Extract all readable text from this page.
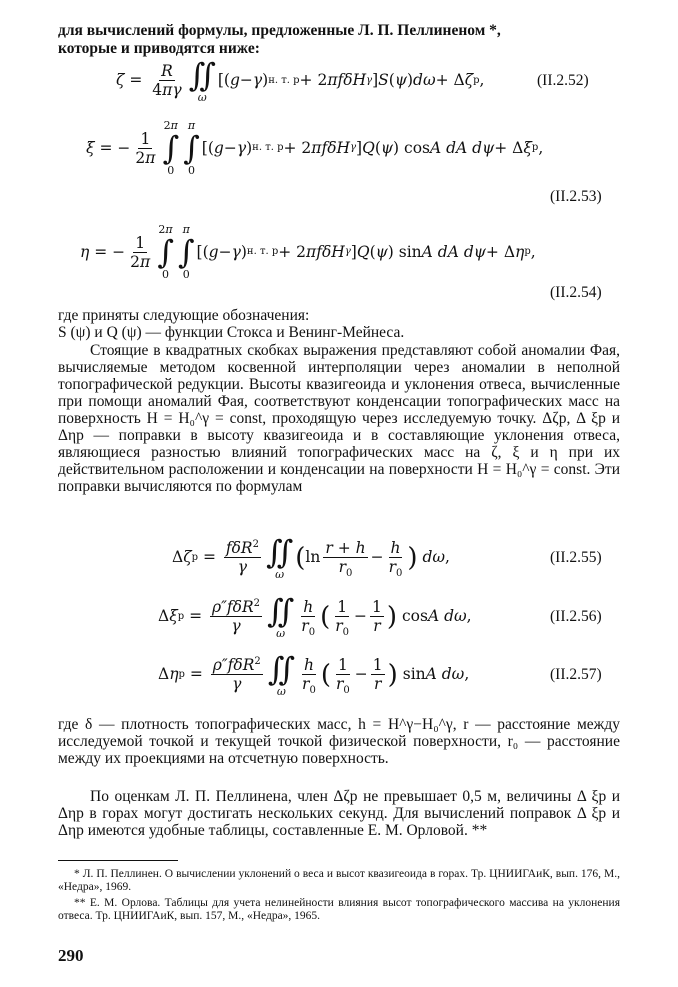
для вычислений формулы, предложенные Л. П. Пеллиненом *,

которые и приводятся ниже:

$\zeta = \frac{R}{4\pi\gamma}$ ∬
ω
[( g − γ ) н. т. р + 2 πfδH γ ] S ( ψ ) dω + Δ ζ р ,	(II.2.52)
ξ = − $\frac{1}{2\pi}$
2π
∫
0
π
∫
0
[( g − γ ) н. т. р + 2 πfδH γ ] Q ( ψ ) cos A dA dψ + Δ ξ р ,
(II.2.53)
η = − $\frac{1}{2\pi}$
2π
∫
0
π
∫
0
[( g − γ ) н. т. р + 2 πfδH γ ] Q ( ψ ) sin A dA dψ + Δ η р ,
(II.2.54)

где приняты следующие обозначения:

S (ψ) и Q (ψ) — функции Стокса и Венинг-Мейнеса.

Стоящие в квадратных скобках выражения представляют собой аномалии Фая, вычисляемые методом косвенной интерполяции через аномалии в неполной топографической редукции. Высоты квазигеоида и уклонения отвеса, вычисленные при помощи аномалий Фая, соответствуют конденсации топографических масс на поверхность H = H₀^γ = const, проходящую через исследуемую точку. Δζp, Δ ξp и Δηp — поправки в высоту квазигеоида и в составляющие уклонения отвеса, являющиеся разностью влияний топографических масс на ζ, ξ и η при их действительном расположении и конденсации на поверхности H = H₀^γ = const. Эти поправки вычисляются по формулам

Δ ζ $р = \frac{f\delta R^2}{\gamma}$ ∬
ω
( $\ln \frac{r + h}{r_0} - \frac{h}{r_0}$ )
dω ,	(II.2.55)
Δ ξ $р = \frac{\rho''f\delta R^2}{\gamma}$ ∬
ω $\frac{h}{r_0}$ ( $\frac{1}{r_0} - \frac{1}{r}$ ) cos A dω ,	(II.2.56)
Δ η $р = \frac{\rho''f\delta R^2}{\gamma}$ ∬
ω $\frac{h}{r_0}$ ( $\frac{1}{r_0} - \frac{1}{r}$ ) sin A dω ,	(II.2.57)

где δ — плотность топографических масс, h = H^γ−H₀^γ, r — расстояние между исследуемой точкой и текущей точкой физической поверхности, r₀ — расстояние между их проекциями на отсчетную поверхность.

По оценкам Л. П. Пеллинена, член Δζp не превышает 0,5 м, величины Δ ξp и Δηp в горах могут достигать нескольких секунд. Для вычислений поправок Δ ξp и Δηp имеются удобные таблицы, составленные Е. М. Орловой. **

* Л. П. Пеллинен. О вычислении уклонений о веса и высот квазигеоида в горах. Тр. ЦНИИГАиК, вып. 176, М., «Недра», 1969.

** Е. М. Орлова. Таблицы для учета нелинейности влияния высот топографического массива на уклонения отвеса. Тр. ЦНИИГАиК, вып. 157, М., «Недра», 1965.

290
